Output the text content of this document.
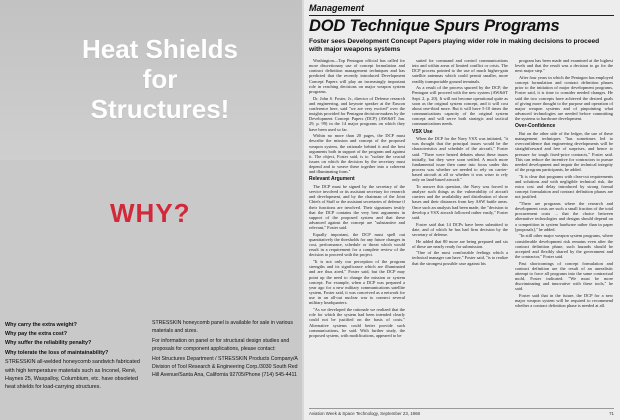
Heat Shields
for
Structures!
WHY?
Why carry the extra weight?
Why pay the extra cost?
Why suffer the reliability penalty?
Why tolerate the loss of maintainability?
STRESSKIN all-welded honeycomb sandwich fabricated with high temperature materials such as Inconel, René, Haynes 25, Waspalloy, Columbium, etc. have obsoleted heat shields for load-carrying structures.

STRESSKIN honeycomb panel is available for sale in various materials and sizes.

For information on panel or for structural design studies and proposals for component applications, please contact:

Hot Structures Department / STRESSKIN Products Company/A Division of Tool Research & Engineering Corp./3030 South Red Hill Avenue/Santa Ana, California 92705/Phone (714) 545-4411

Management
DOD Technique Spurs Programs
Foster sees Development Concept Papers playing wider role in making decisions to proceed with major weapons systems

Washington—Top Pentagon official has called for more discretionary use of concept formulation and contract definition management techniques and has predicted that the recently introduced Development Concept Papers will play an increasingly important role in reaching decisions on major weapon system programs.

Dr. John S. Foster, Jr., director of Defense research and engineering, and keynote speaker at the Eascon conference here, said "we are very excited" over the insights provided for Pentagon decision-makers by the Development Concept Papers (DCP) (AW&ST Jan. 29, p. 99) in the 14 major programs on which they have been used so far.

Within no more than 20 pages, the DCP must describe the mission and concept of the proposed weapon system, the rationale behind it and the best arguments both in support of the program and against it. The object, Foster said, is to "isolate the crucial issues on which the decision by the secretary must depend and to weave these together into a coherent and illuminating form."

Relevant Argument

The DCP must be signed by the secretary of the service involved or its assistant secretary for research and development, and by the chairman of the Joint Chiefs of Staff or the assistant secretaries of defense if their functions are involved. Their signatures testify that the DCP contains the very best arguments in support of the proposed system and that these advanced against the concept are "substantive and relevant," Foster said.

Equally important, the DCP must spell out quantitatively the thresholds for any future changes in cost, performance, schedule or threat which would result in a requirement for a complete review of the decision to proceed with the project.

"It is not only our perception of the program strengths and its significance which are illuminated and are thus aired," Foster said, but the DCP may point up the need to change the mission or system concept. For example, when a DCP was prepared a year ago for a new military communications satellite system, Foster said, it was conceived as a network for use in an all-out nuclear war to connect several military headquarters.

"As we developed the rationale we realized that the role for which the system had been intended clearly could not be justified on the basis of costs." Alternative systems could better provide such communications, he said. With further study, the proposed system, with modifications, appeared to be

suited for command and control communications into and within areas of limited conflict or crisis. The DCP process pointed to the use of much higher-gain satellite antennas which could permit smaller, more readily transportable ground terminals.

As a result of the process spurred by the DCP, the Pentagon will proceed with the new system (AW&ST Sept. 2, p. 20). It will not become operational quite as soon as the original system concept, and it will cost about one-third more. But it will have 5-10 times the communications capacity of the original system concept and will serve both strategic and tactical communications needs.

VSX Use

When the DCP for the Navy VSX was initiated, "it was thought that the principal issues would be the characteristics and schedule of the aircraft," Foster said. "There were heated debates about these issues initially, but they were soon settled. A much more fundamental issue then came into focus under this process was whether we needed to rely on carrier-based aircraft at all or whether it was wiser to rely only on land-based aircraft."

To answer this question, the Navy was forced to analyze such things as the vulnerability of aircraft carriers and the availability and distribution of shore bases and their distances from key ASW battle areas. Once such an analysis had been made, the "decision to develop a VSX aircraft followed rather easily," Foster said.

Foster said that 14 DCPs have been submitted to date, and of which he has had firm decision by the secretary of defense.

He added that 80 more are being prepared and six of these are nearly ready for submission.

"One of the most comfortable feelings which a technical manager can have," Foster said, "is to realize that the strongest possible case against his

program has been made and examined at the highest levels and that the result was a decision to go for the next major step."

After four years in which the Pentagon has employed concept formulation and contract definition phases prior to the initiation of major development programs, Foster said, it is time to consider needed changes. He said the two concepts have achieved the desired goals of giving more thought to the purpose and operation of major weapon systems and of pinpointing what advanced technologies are needed before committing the systems to hardware development.

Over-Confidence

But on the other side of the ledger, the use of these management techniques "has sometimes led to overconfidence that engineering developments will be straightforward and free of surprises, and hence to pressure for tough fixed-price contracts," Foster said. This can reduce the incentive for contractors to pursue needed development and impair the technical integrity of the program participants, he added.

"It is clear that programs with clear-cut requirements and solutions and with negligible technical risk, the extra cost and delay introduced by strong formal concept formulation and contract definition phases are not justified.

"There are programs where the research and development costs are such a small fraction of the total procurement costs ... that the choice between alternative technologies and designs should depend on a competition in system hardware rather than in paper [proposals]," he added.

"In still other major weapon system programs, where considerable development risk remains even after the contract definition phase, such hazards should be accepted and flexibly shared by the government and the contractor," Foster said.

Past shortcomings of concept formulation and contract definition are the result of an unrealistic attempt to force all programs into the same contractual mold, Foster indicated. "We must be more discriminating and innovative with these tools," he said.

Foster said that in the future, the DCP for a new major weapon system will be required to recommend whether a contract definition phase is needed at all.

Aviation Week & Space Technology, September 23, 1968	71
